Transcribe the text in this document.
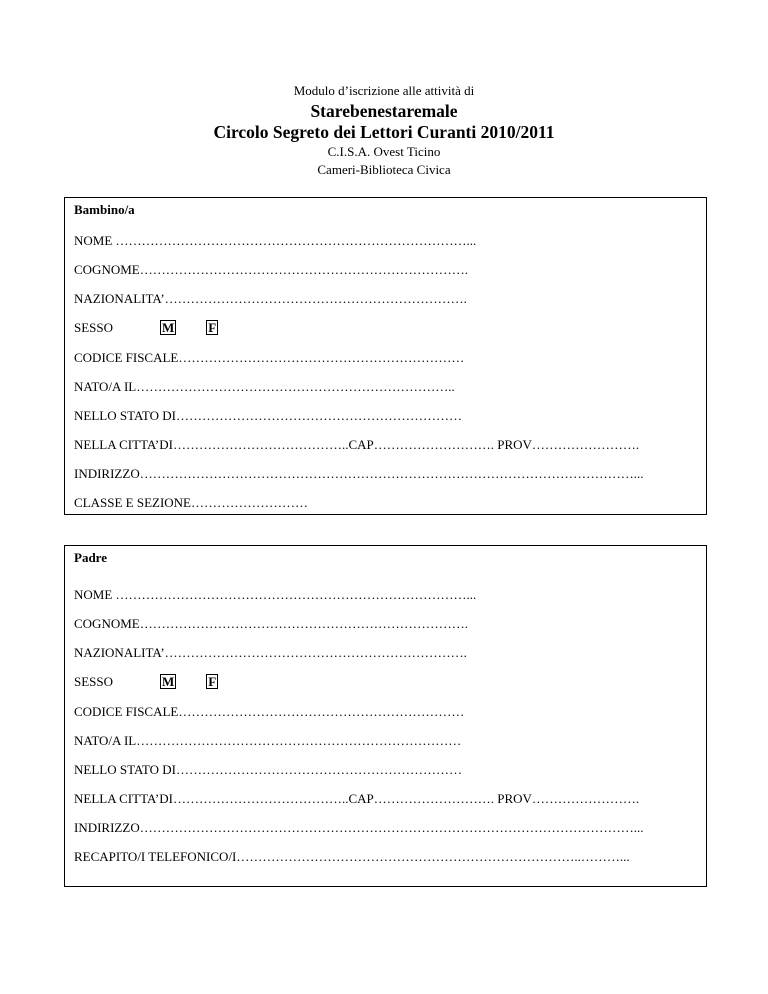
Modulo d’iscrizione alle attività di
Starebenestaremale
Circolo Segreto dei Lettori Curanti 2010/2011
C.I.S.A. Ovest Ticino
Cameri-Biblioteca Civica
Bambino/a
NOME ………………………………………………………………………...
COGNOME………………………………………………………………….
NAZIONALITA’…………………………………………………………….
SESSO	M	F
CODICE FISCALE…………………………………………………………
NATO/A IL………………………………………………………………..
NELLO STATO DI…………………………………………………………
NELLA CITTA’DI…………………………………..CAP………………………. PROV…………………….
INDIRIZZO……………………………………………………………………………………………………...
CLASSE E SEZIONE………………………
Padre
NOME ………………………………………………………………………...
COGNOME………………………………………………………………….
NAZIONALITA’…………………………………………………………….
SESSO	M	F
CODICE FISCALE…………………………………………………………
NATO/A IL…………………………………………………………………
NELLO STATO DI…………………………………………………………
NELLA CITTA’DI…………………………………..CAP………………………. PROV…………………….
INDIRIZZO……………………………………………………………………………………………………...
RECAPITO/I TELEFONICO/I……………………………………………………………………..………...
